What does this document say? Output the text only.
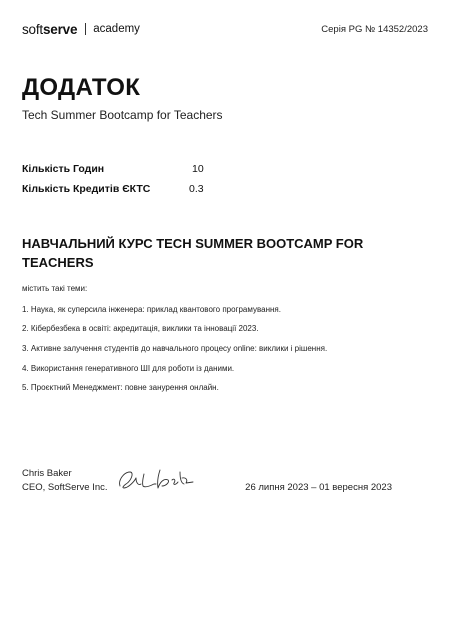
soft serve academy	Серія PG № 14352/2023
ДОДАТОК
Tech Summer Bootcamp for Teachers
Кількість Годин	10
Кількість Кредитів ЄКТС	0.3
НАВЧАЛЬНИЙ КУРС TECH SUMMER BOOTCAMP FOR TEACHERS
містить такі теми:
1. Наука, як суперсила інженера: приклад квантового програмування.
2. Кібербезбека в освіті: акредитація, виклики та інновації 2023.
3. Активне залучення студентів до навчального процесу online: виклики і рішення.
4. Використання генеративного ШІ для роботи із даними.
5. Проєктний Менеджмент: повне занурення онлайн.
Chris Baker
CEO, SoftServe Inc.	26 липня 2023 – 01 вересня 2023
